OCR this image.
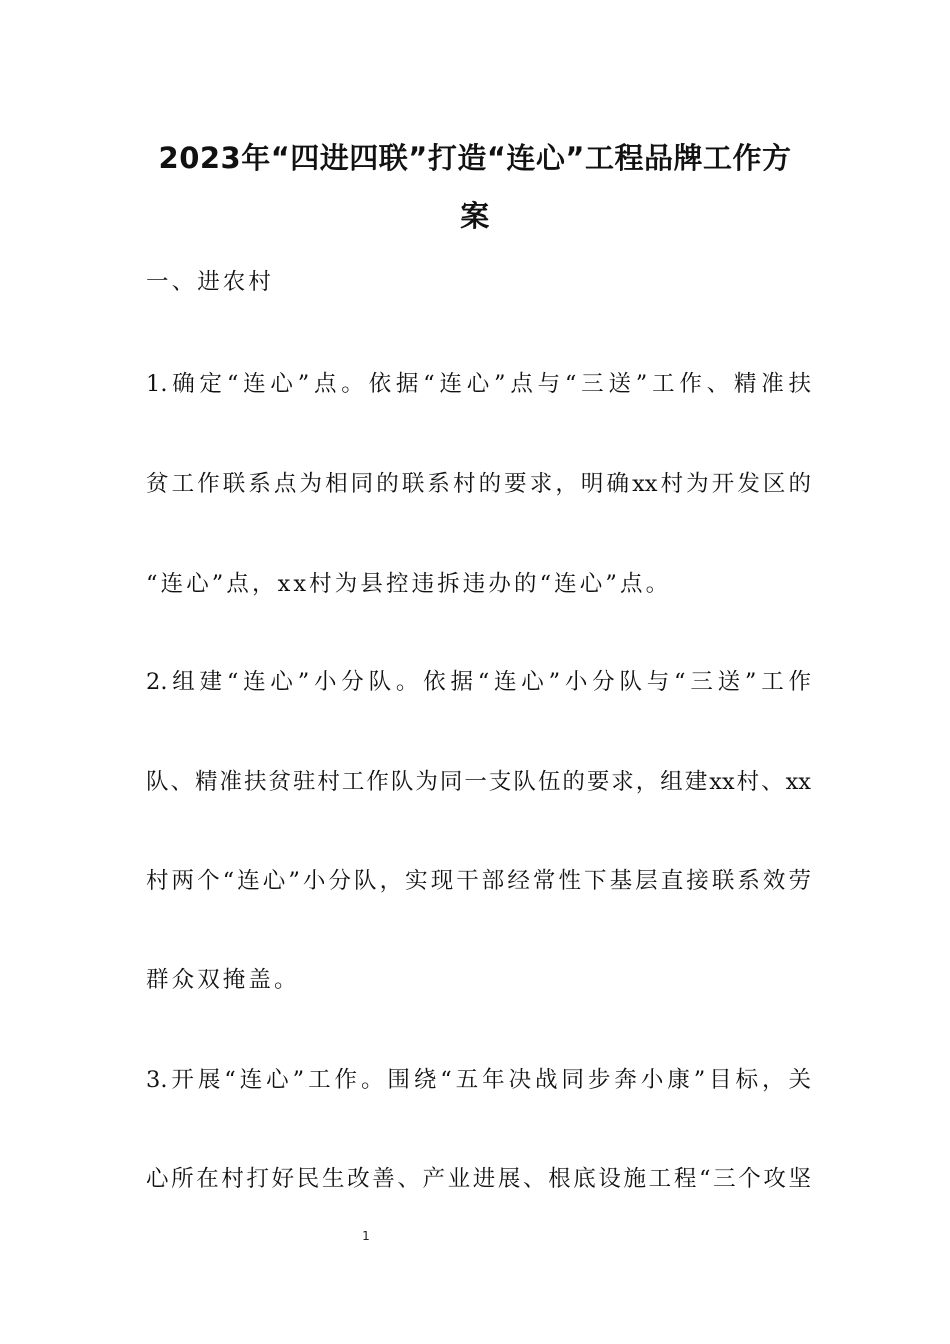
2023年“四进四联”打造“连心”工程品牌工作方
案
一、进农村
1.确定“连心”点。依据“连心”点与“三送”工作、精准扶
贫工作联系点为相同的联系村的要求，明确xx村为开发区的
“连心”点，xx村为县控违拆违办的“连心”点。
2.组建“连心”小分队。依据“连心”小分队与“三送”工作
队、精准扶贫驻村工作队为同一支队伍的要求，组建xx村、xx
村两个“连心”小分队，实现干部经常性下基层直接联系效劳
群众双掩盖。
3.开展“连心”工作。围绕“五年决战同步奔小康”目标，关
心所在村打好民生改善、产业进展、根底设施工程“三个攻坚
1
